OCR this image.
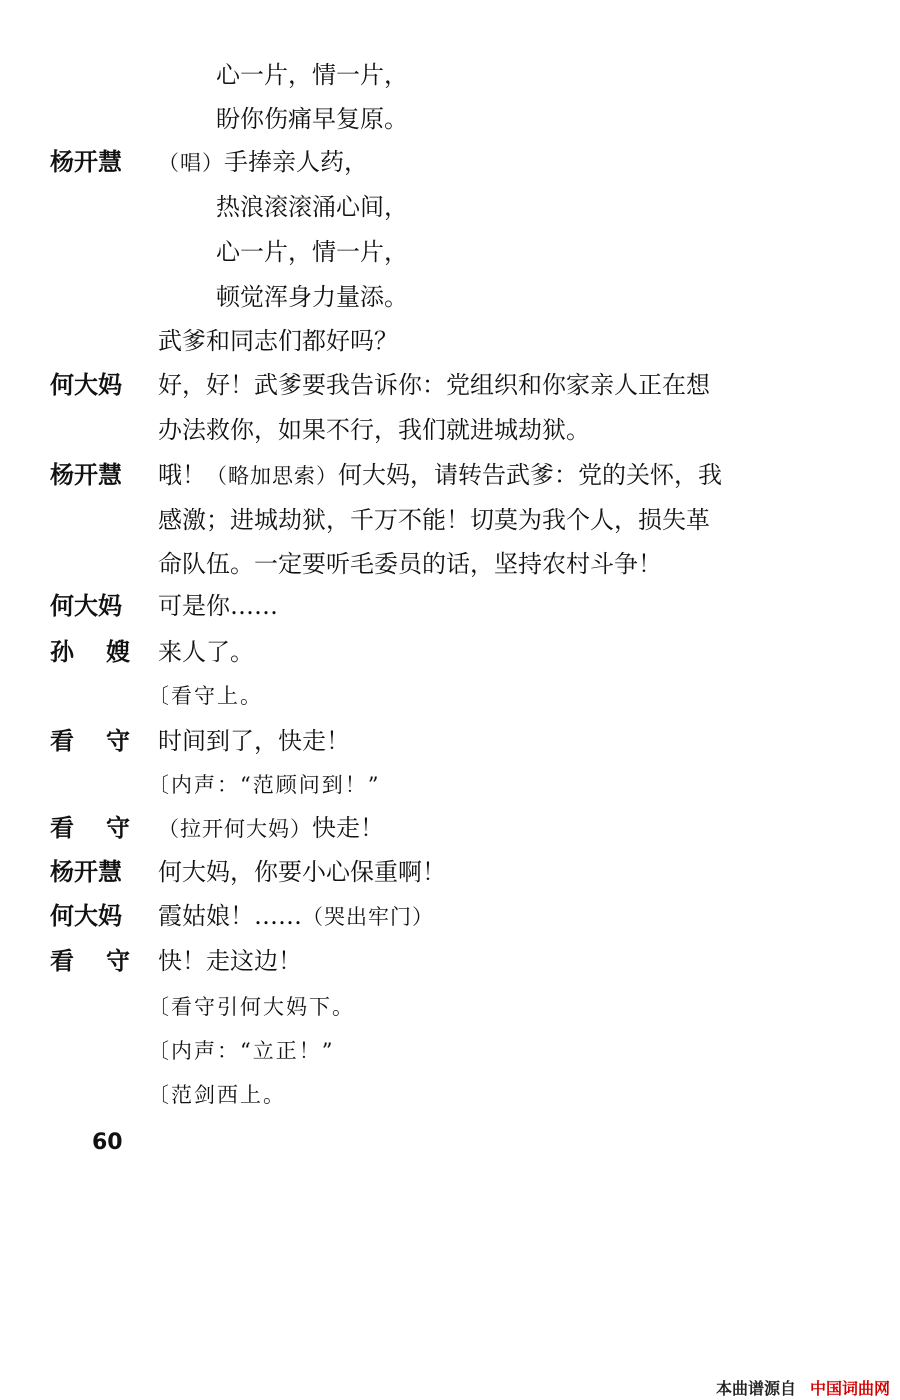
心一片，情一片，
盼你伤痛早复原。
杨开慧	（唱）手捧亲人药，
热浪滚滚涌心间，
心一片，情一片，
顿觉浑身力量添。
武爹和同志们都好吗？
何大妈	好，好！武爹要我告诉你：党组织和你家亲人正在想
办法救你，如果不行，我们就进城劫狱。
杨开慧	哦！（略加思索）何大妈，请转告武爹：党的关怀，我
感激；进城劫狱，千万不能！切莫为我个人，损失革
命队伍。一定要听毛委员的话，坚持农村斗争！
何大妈	可是你……
孙 嫂 来人了。
〔看守上。
看 守 时间到了，快走！
〔内声：“范顾问到！”
看 守 （拉开何大妈）快走！
杨开慧	何大妈，你要小心保重啊！
何大妈	霞姑娘！……（哭出牢门）
看 守 快！走这边！
〔看守引何大妈下。
〔内声：“立正！”
〔范剑西上。
60
本曲谱源自 中国词曲网
